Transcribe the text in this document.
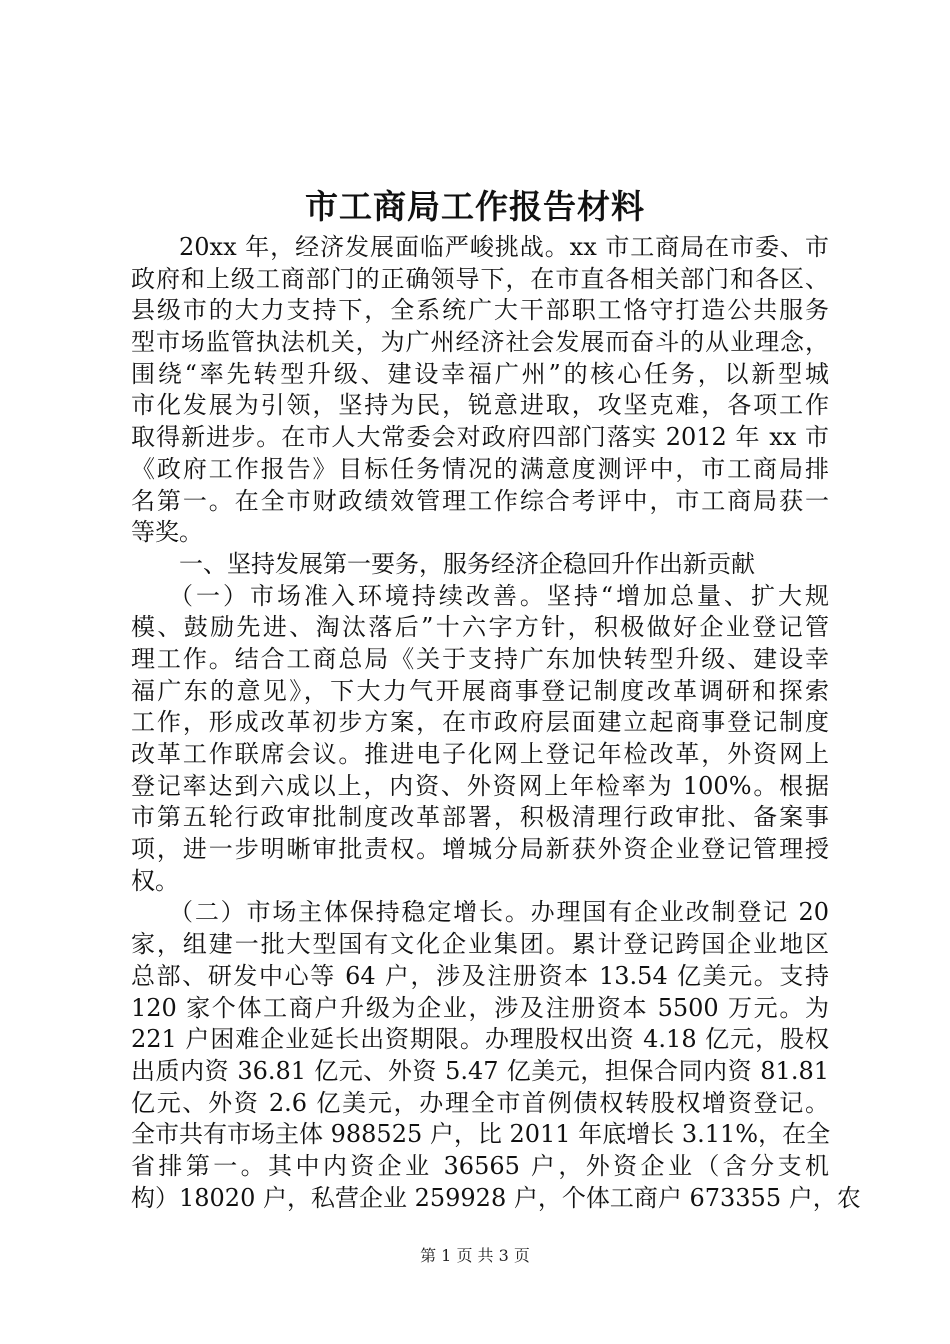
市工商局工作报告材料
20xx 年，经济发展面临严峻挑战。xx 市工商局在市委、市
政府和上级工商部门的正确领导下，在市直各相关部门和各区、
县级市的大力支持下，全系统广大干部职工恪守打造公共服务
型市场监管执法机关，为广州经济社会发展而奋斗的从业理念，
围绕“率先转型升级、建设幸福广州”的核心任务，以新型城
市化发展为引领，坚持为民，锐意进取，攻坚克难，各项工作
取得新进步。在市人大常委会对政府四部门落实 2012 年 xx 市
《政府工作报告》目标任务情况的满意度测评中，市工商局排
名第一。在全市财政绩效管理工作综合考评中，市工商局获一
等奖。
一、坚持发展第一要务，服务经济企稳回升作出新贡献
（一）市场准入环境持续改善。坚持“增加总量、扩大规
模、鼓励先进、淘汰落后”十六字方针，积极做好企业登记管
理工作。结合工商总局《关于支持广东加快转型升级、建设幸
福广东的意见》，下大力气开展商事登记制度改革调研和探索
工作，形成改革初步方案，在市政府层面建立起商事登记制度
改革工作联席会议。推进电子化网上登记年检改革，外资网上
登记率达到六成以上，内资、外资网上年检率为 100%。根据
市第五轮行政审批制度改革部署，积极清理行政审批、备案事
项，进一步明晰审批责权。增城分局新获外资企业登记管理授
权。
（二）市场主体保持稳定增长。办理国有企业改制登记 20
家，组建一批大型国有文化企业集团。累计登记跨国企业地区
总部、研发中心等 64 户，涉及注册资本 13.54 亿美元。支持
120 家个体工商户升级为企业，涉及注册资本 5500 万元。为
221 户困难企业延长出资期限。办理股权出资 4.18 亿元，股权
出质内资 36.81 亿元、外资 5.47 亿美元，担保合同内资 81.81
亿元、外资 2.6 亿美元，办理全市首例债权转股权增资登记。
全市共有市场主体 988525 户，比 2011 年底增长 3.11%，在全
省排第一。其中内资企业 36565 户，外资企业（含分支机
构）18020 户，私营企业 259928 户，个体工商户 673355 户，农
第 1 页 共 3 页
